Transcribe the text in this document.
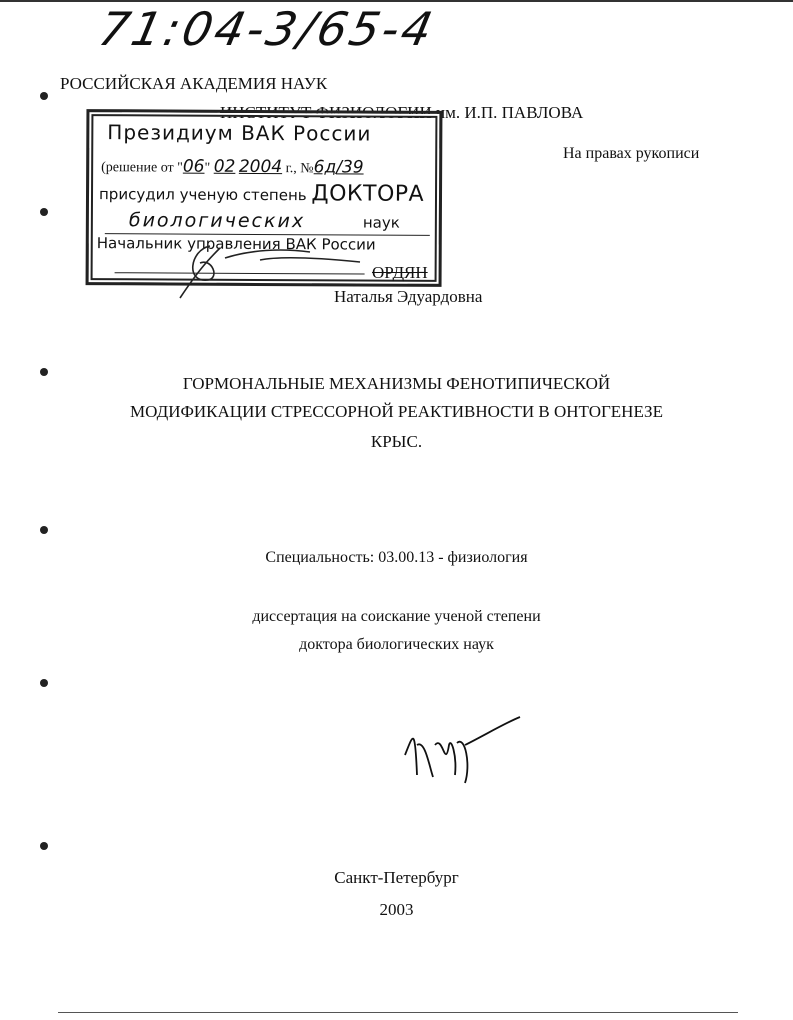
71:04-3/65-4
РОССИЙСКАЯ АКАДЕМИЯ НАУК
ИНСТИТУТ ФИЗИОЛОГИИ им. И.П. ПАВЛОВА
На правах рукописи
Президиум ВАК России
(решение от "06" 02 2004 г., №6д/39
присудил ученую степень ДОКТОРА
биологических	наук
Начальник управления ВАК России
ОРДЯН
Наталья Эдуардовна
ГОРМОНАЛЬНЫЕ МЕХАНИЗМЫ ФЕНОТИПИЧЕСКОЙ
МОДИФИКАЦИИ СТРЕССОРНОЙ РЕАКТИВНОСТИ В ОНТОГЕНЕЗЕ
КРЫС.
Специальность: 03.00.13 - физиология
диссертация на соискание ученой степени
доктора биологических наук
Санкт-Петербург
2003
